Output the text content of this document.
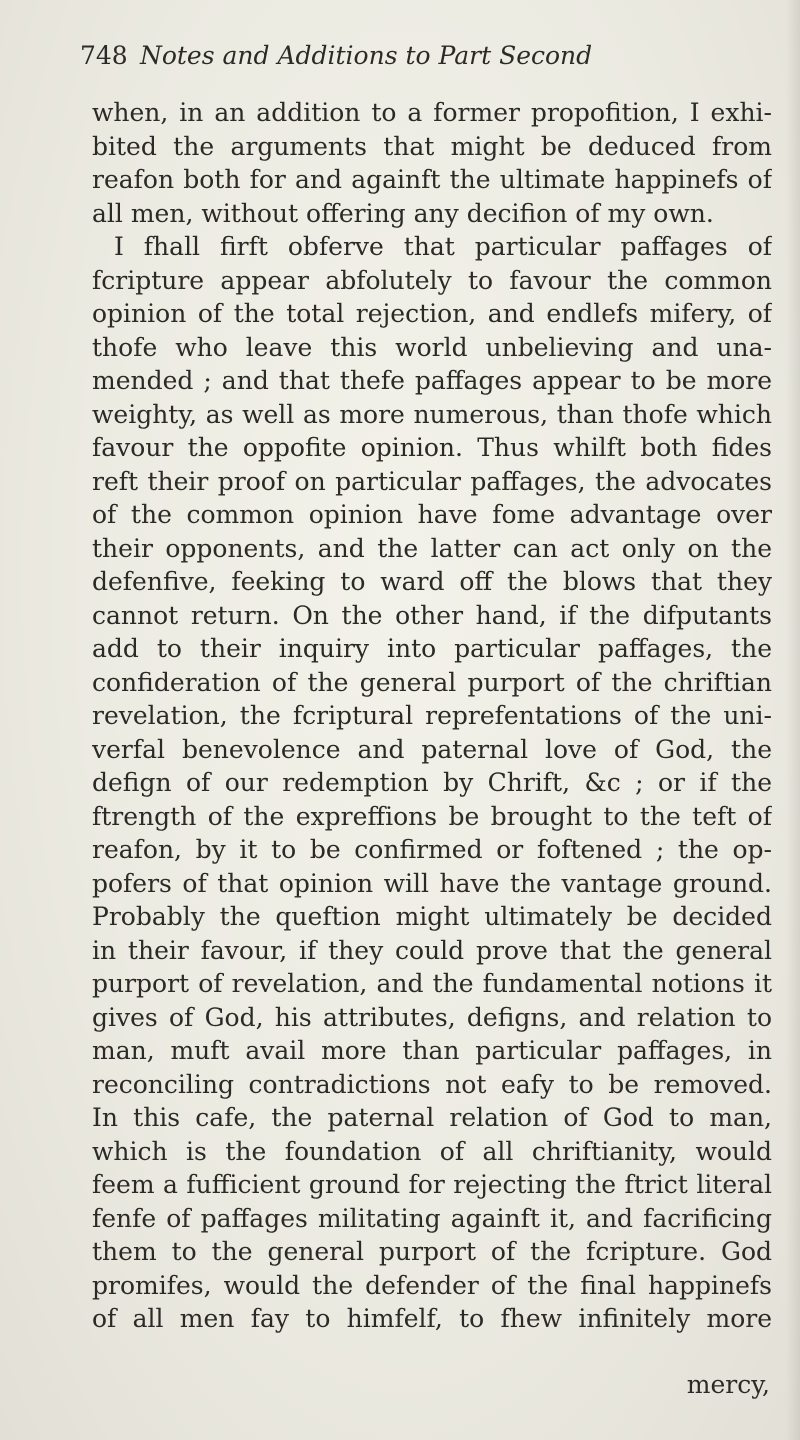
748 Notes and Additions to Part Second
when, in an addition to a former propofition, I exhi-
bited the arguments that might be deduced from
reafon both for and againft the ultimate happinefs of
all men, without offering any decifion of my own.
I fhall firft obferve that particular paffages of
fcripture appear abfolutely to favour the common
opinion of the total rejection, and endlefs mifery, of
thofe who leave this world unbelieving and una-
mended ; and that thefe paffages appear to be more
weighty, as well as more numerous, than thofe which
favour the oppofite opinion. Thus whilft both fides
reft their proof on particular paffages, the advocates
of the common opinion have fome advantage over
their opponents, and the latter can act only on the
defenfive, feeking to ward off the blows that they
cannot return. On the other hand, if the difputants
add to their inquiry into particular paffages, the
confideration of the general purport of the chriftian
revelation, the fcriptural reprefentations of the uni-
verfal benevolence and paternal love of God, the
defign of our redemption by Chrift, &c ; or if the
ftrength of the expreffions be brought to the teft of
reafon, by it to be confirmed or foftened ; the op-
pofers of that opinion will have the vantage ground.
Probably the queftion might ultimately be decided
in their favour, if they could prove that the general
purport of revelation, and the fundamental notions it
gives of God, his attributes, defigns, and relation to
man, muft avail more than particular paffages, in
reconciling contradictions not eafy to be removed.
In this cafe, the paternal relation of God to man,
which is the foundation of all chriftianity, would
feem a fufficient ground for rejecting the ftrict literal
fenfe of paffages militating againft it, and facrificing
them to the general purport of the fcripture. God
promifes, would the defender of the final happinefs
of all men fay to himfelf, to fhew infinitely more
mercy,
